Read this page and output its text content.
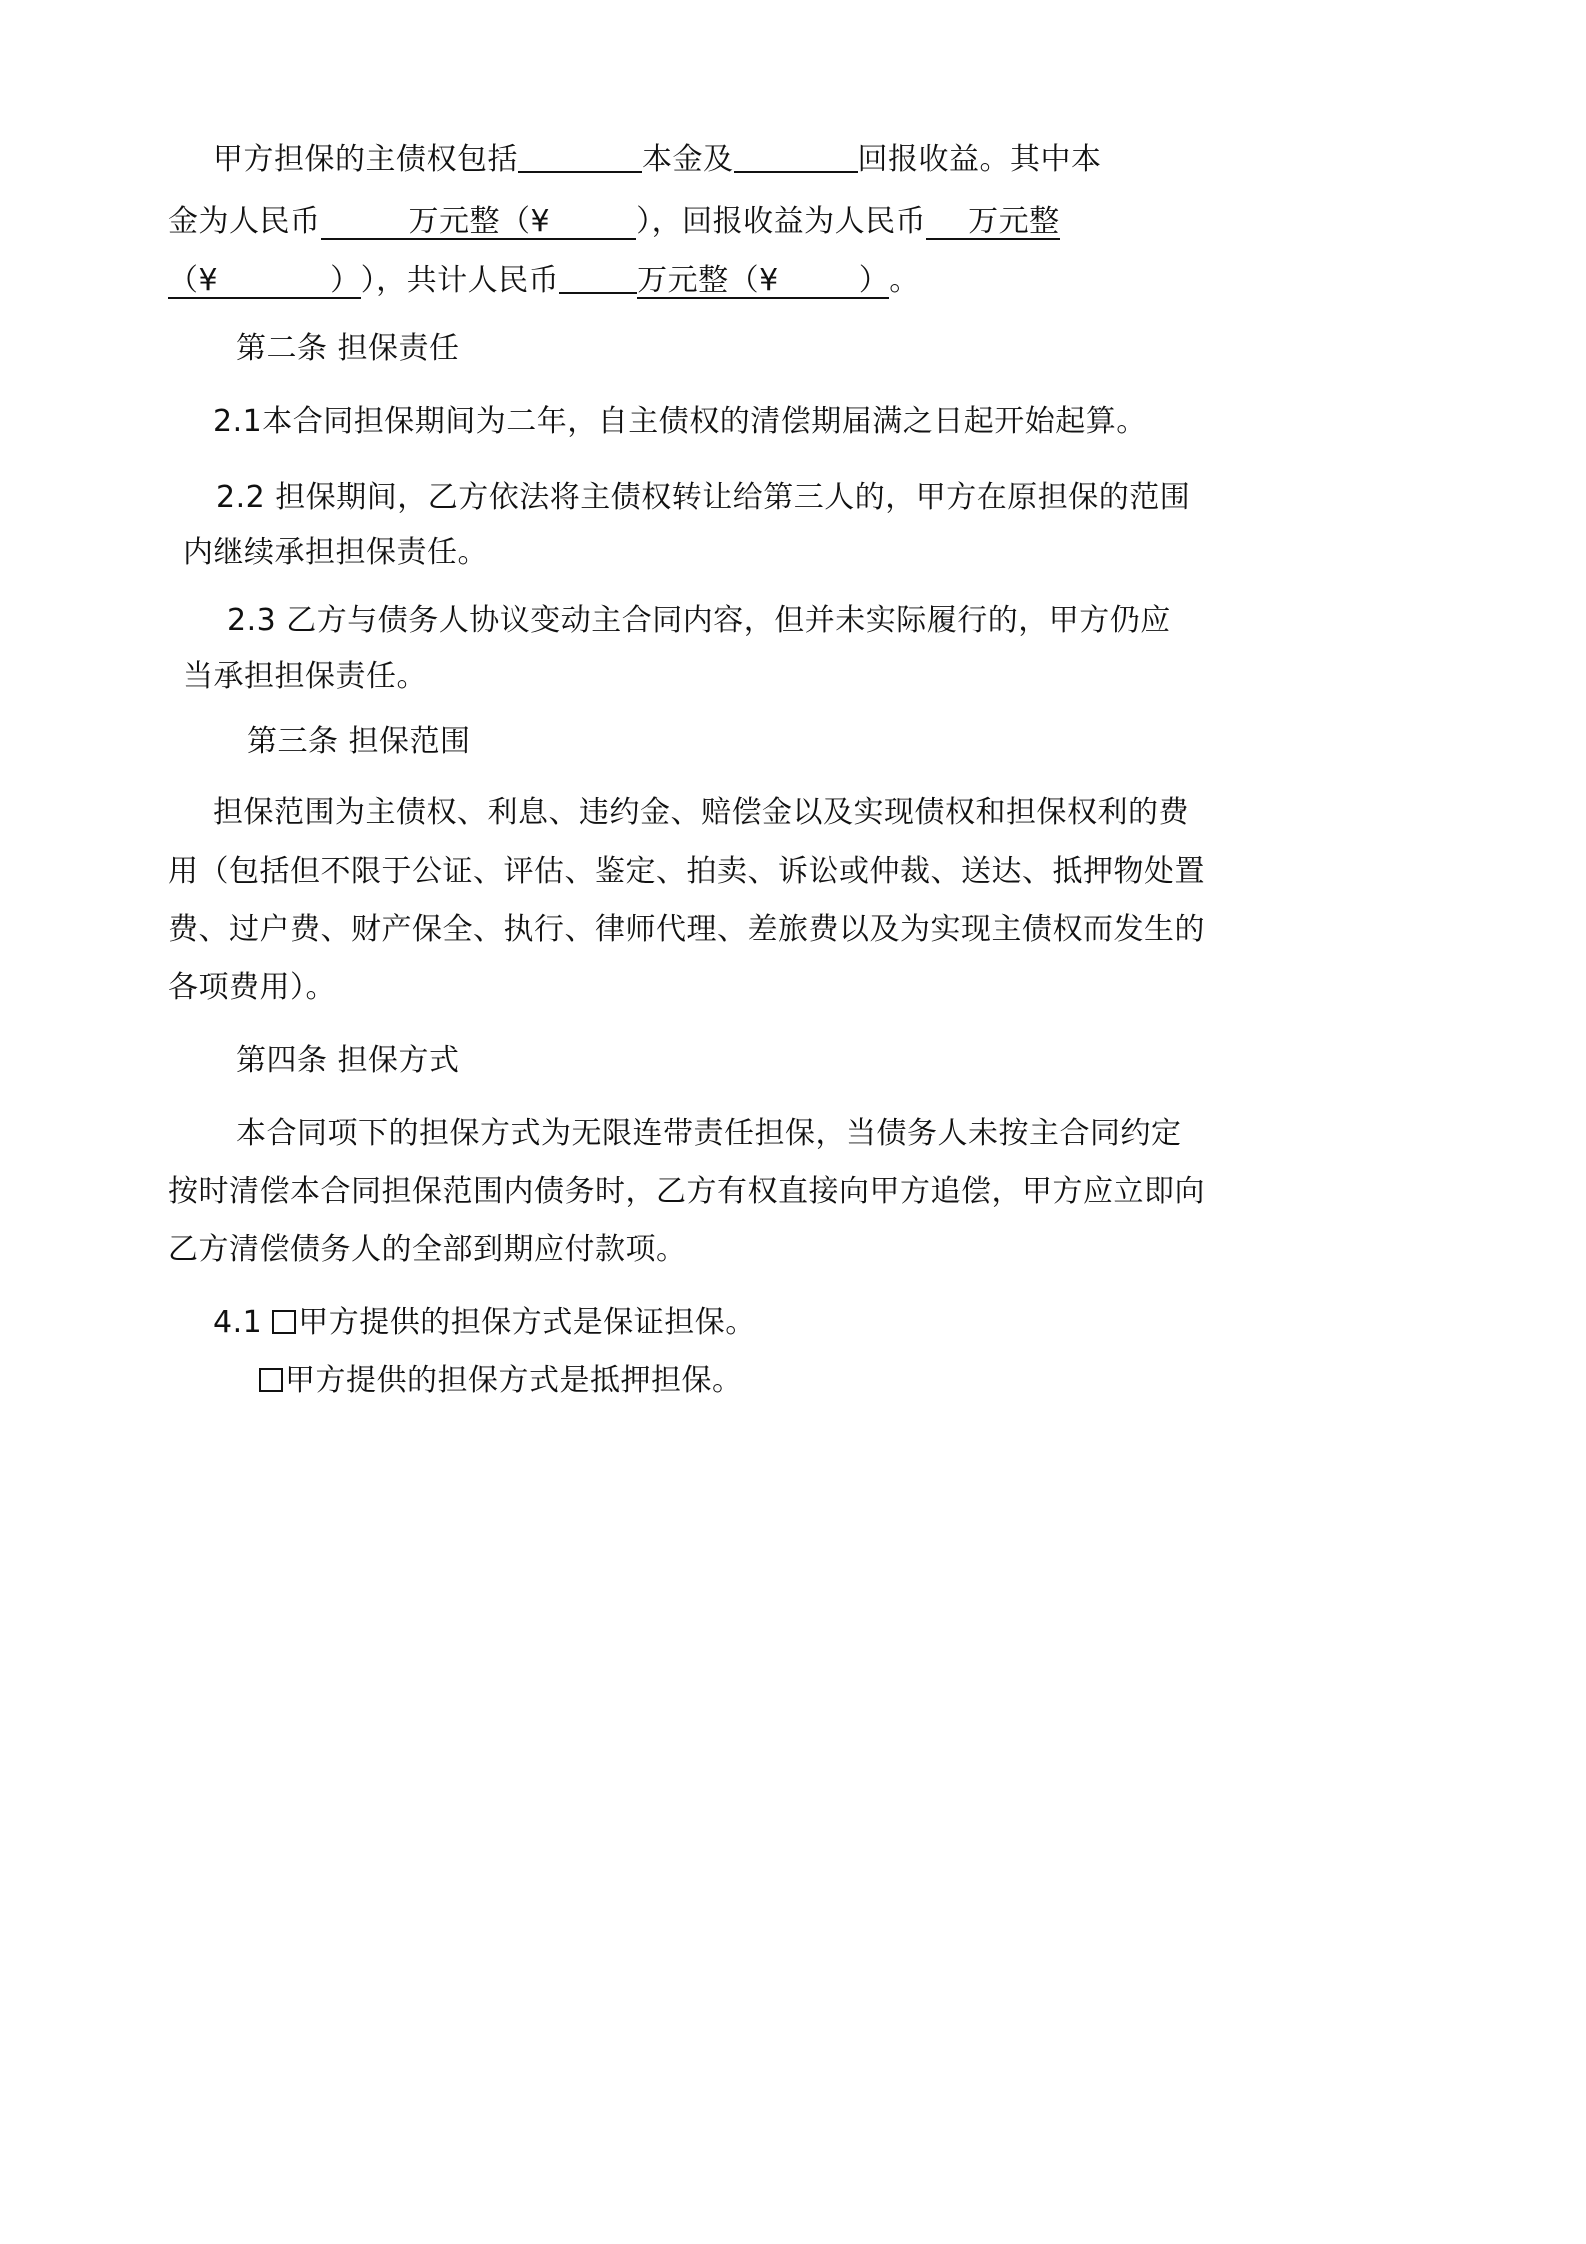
甲方担保的主债权包括	本金及	回报收益。其中本
金为人民币	万元整（¥	），回报收益为人民币 万元整
（¥	）），共计人民币	万元整（¥	）。
第二条 担保责任
2.1本合同担保期间为二年，自主债权的清偿期届满之日起开始起算。
2.2 担保期间，乙方依法将主债权转让给第三人的，甲方在原担保的范围
内继续承担担保责任。
2.3 乙方与债务人协议变动主合同内容，但并未实际履行的，甲方仍应
当承担担保责任。
第三条 担保范围
担保范围为主债权、利息、违约金、赔偿金以及实现债权和担保权利的费
用（包括但不限于公证、评估、鉴定、拍卖、诉讼或仲裁、送达、抵押物处置
费、过户费、财产保全、执行、律师代理、差旅费以及为实现主债权而发生的
各项费用）。
第四条 担保方式
本合同项下的担保方式为无限连带责任担保，当债务人未按主合同约定
按时清偿本合同担保范围内债务时，乙方有权直接向甲方追偿，甲方应立即向
乙方清偿债务人的全部到期应付款项。
4.1 甲方提供的担保方式是保证担保。
甲方提供的担保方式是抵押担保。
